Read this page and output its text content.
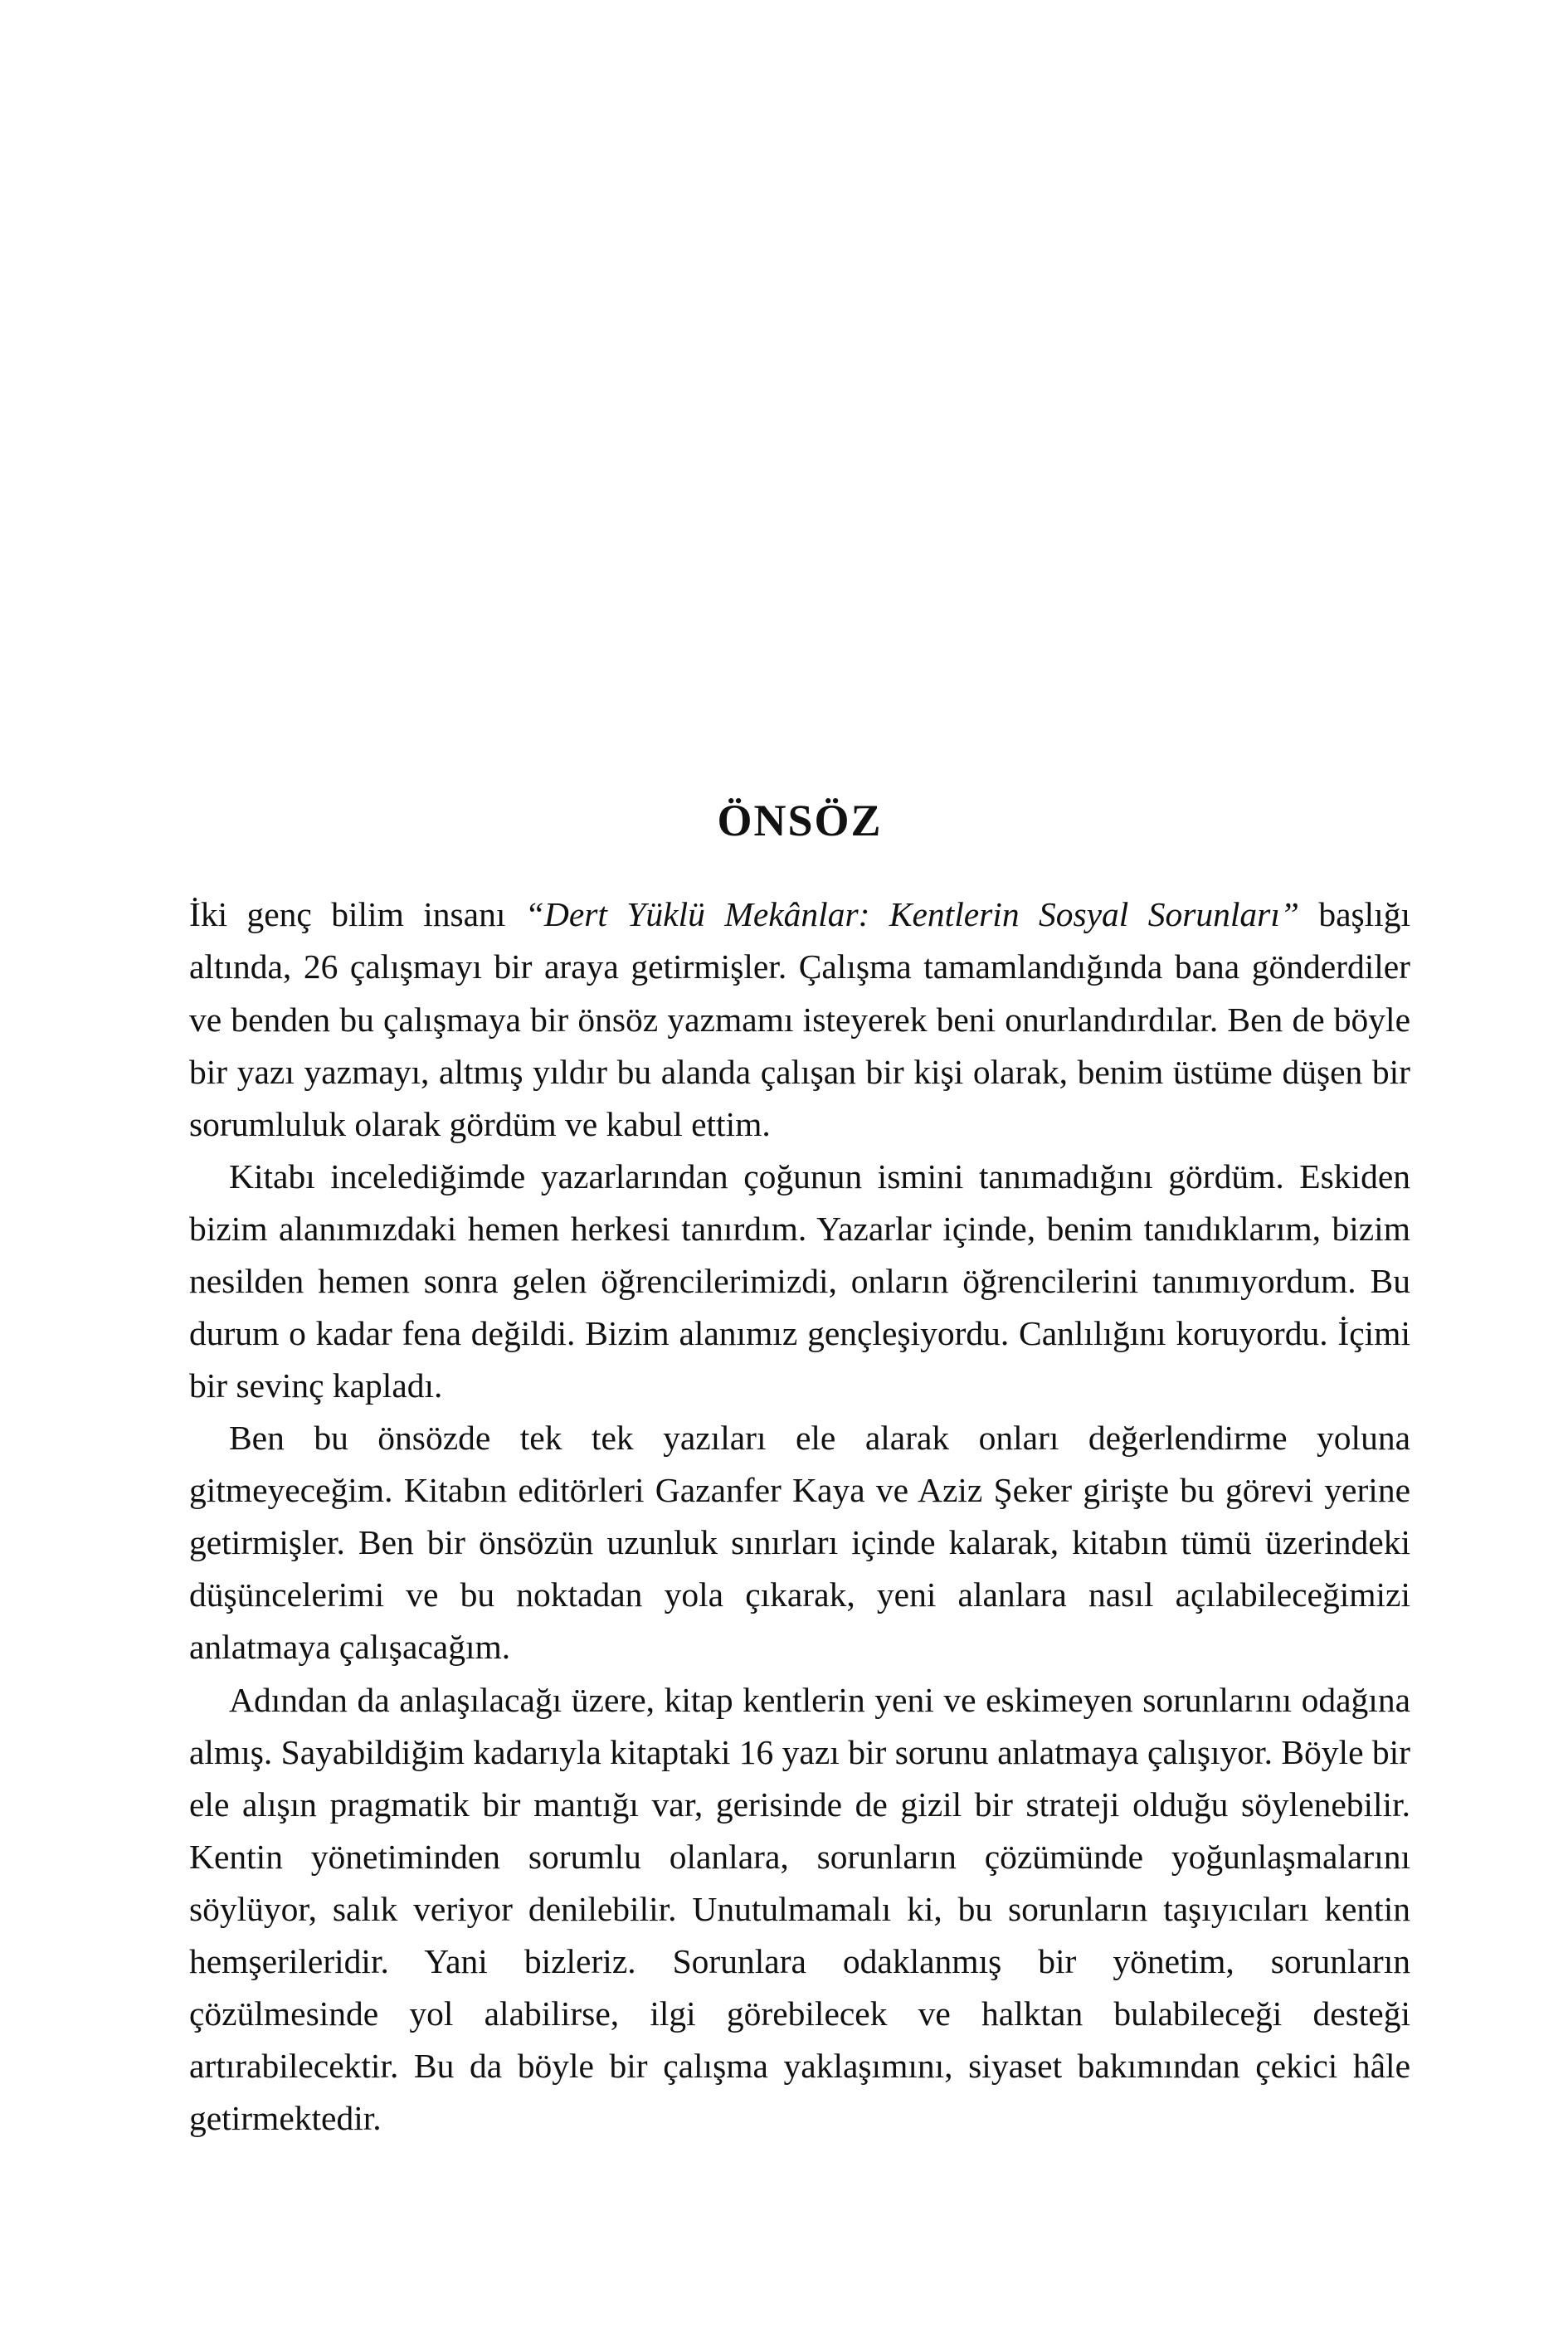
ÖNSÖZ

İki genç bilim insanı “Dert Yüklü Mekânlar: Kentlerin Sosyal Sorunları” başlığı altında, 26 çalışmayı bir araya getirmişler. Çalışma tamamlandığında bana gönderdiler ve benden bu çalışmaya bir önsöz yazmamı isteyerek beni onurlandırdılar. Ben de böyle bir yazı yazmayı, altmış yıldır bu alanda çalışan bir kişi olarak, benim üstüme düşen bir sorumluluk olarak gördüm ve kabul ettim.

Kitabı incelediğimde yazarlarından çoğunun ismini tanımadığını gördüm. Eskiden bizim alanımızdaki hemen herkesi tanırdım. Yazarlar içinde, benim tanıdıklarım, bizim nesilden hemen sonra gelen öğrencilerimizdi, onların öğrencilerini tanımıyordum. Bu durum o kadar fena değildi. Bizim alanımız gençleşiyordu. Canlılığını koruyordu. İçimi bir sevinç kapladı.

Ben bu önsözde tek tek yazıları ele alarak onları değerlendirme yoluna gitmeyeceğim. Kitabın editörleri Gazanfer Kaya ve Aziz Şeker girişte bu görevi yerine getirmişler. Ben bir önsözün uzunluk sınırları içinde kalarak, kitabın tümü üzerindeki düşüncelerimi ve bu noktadan yola çıkarak, yeni alanlara nasıl açılabileceğimizi anlatmaya çalışacağım.

Adından da anlaşılacağı üzere, kitap kentlerin yeni ve eskimeyen sorunlarını odağına almış. Sayabildiğim kadarıyla kitaptaki 16 yazı bir sorunu anlatmaya çalışıyor. Böyle bir ele alışın pragmatik bir mantığı var, gerisinde de gizil bir strateji olduğu söylenebilir. Kentin yönetiminden sorumlu olanlara, sorunların çözümünde yoğunlaşmalarını söylüyor, salık veriyor denilebilir. Unutulmamalı ki, bu sorunların taşıyıcıları kentin hemşerileridir. Yani bizleriz. Sorunlara odaklanmış bir yönetim, sorunların çözülmesinde yol alabilirse, ilgi görebilecek ve halktan bulabileceği desteği artırabilecektir. Bu da böyle bir çalışma yaklaşımını, siyaset bakımından çekici hâle getirmektedir.
